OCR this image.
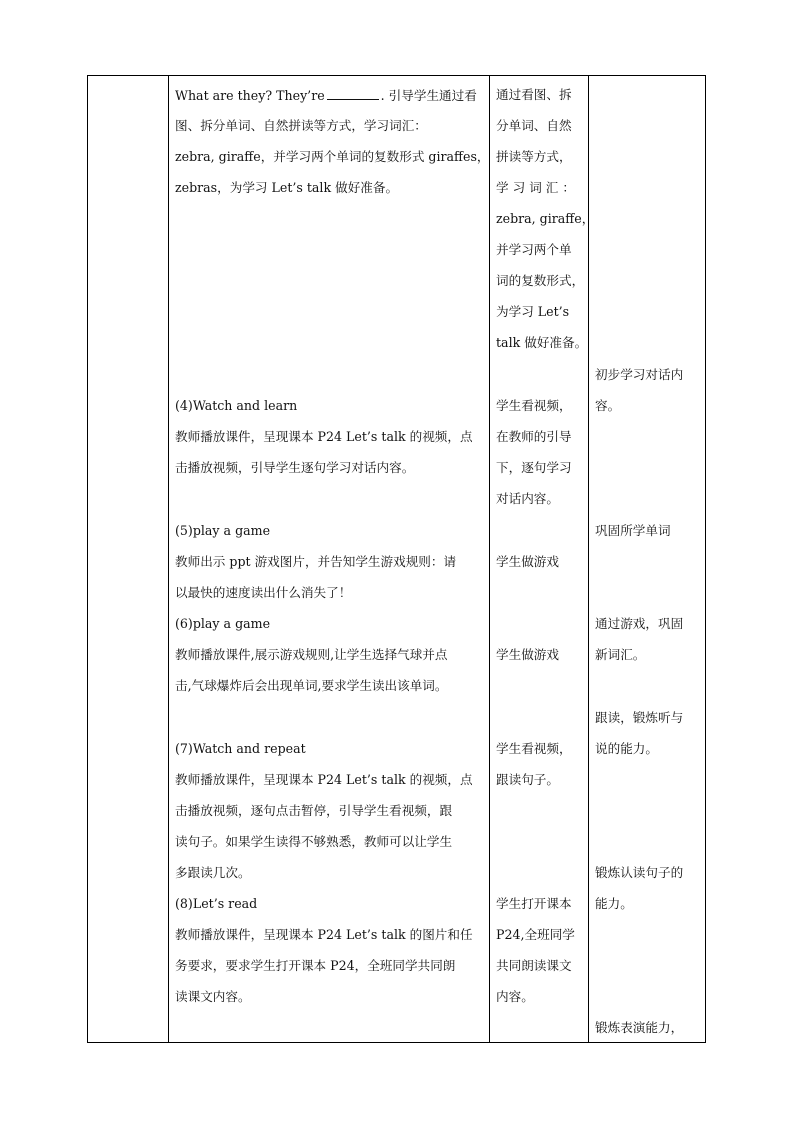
What are they? They’re	. 引导学生通过看
图、拆分单词、自然拼读等方式，学习词汇：
zebra, giraffe，并学习两个单词的复数形式 giraffes，
zebras，为学习 Let’s talk 做好准备。
(4)Watch and learn
教师播放课件，呈现课本 P24 Let’s talk 的视频，点
击播放视频，引导学生逐句学习对话内容。
(5)play a game
教师出示 ppt 游戏图片，并告知学生游戏规则：请
以最快的速度读出什么消失了！
(6)play a game
教师播放课件,展示游戏规则,让学生选择气球并点
击,气球爆炸后会出现单词,要求学生读出该单词。
(7)Watch and repeat
教师播放课件，呈现课本 P24 Let’s talk 的视频，点
击播放视频，逐句点击暂停，引导学生看视频，跟
读句子。如果学生读得不够熟悉，教师可以让学生
多跟读几次。
(8)Let’s read
教师播放课件，呈现课本 P24 Let’s talk 的图片和任
务要求，要求学生打开课本 P24，全班同学共同朗
读课文内容。
通过看图、拆
分单词、自然
拼读等方式，
学 习 词 汇 ：
zebra, giraffe，
并学习两个单
词的复数形式，
为学习 Let’s
talk 做好准备。
学生看视频，
在教师的引导
下，逐句学习
对话内容。
学生做游戏
学生做游戏
学生看视频，
跟读句子。
学生打开课本
P24,全班同学
共同朗读课文
内容。
初步学习对话内
容。
巩固所学单词
通过游戏，巩固
新词汇。
跟读，锻炼听与
说的能力。
锻炼认读句子的
能力。
锻炼表演能力，
